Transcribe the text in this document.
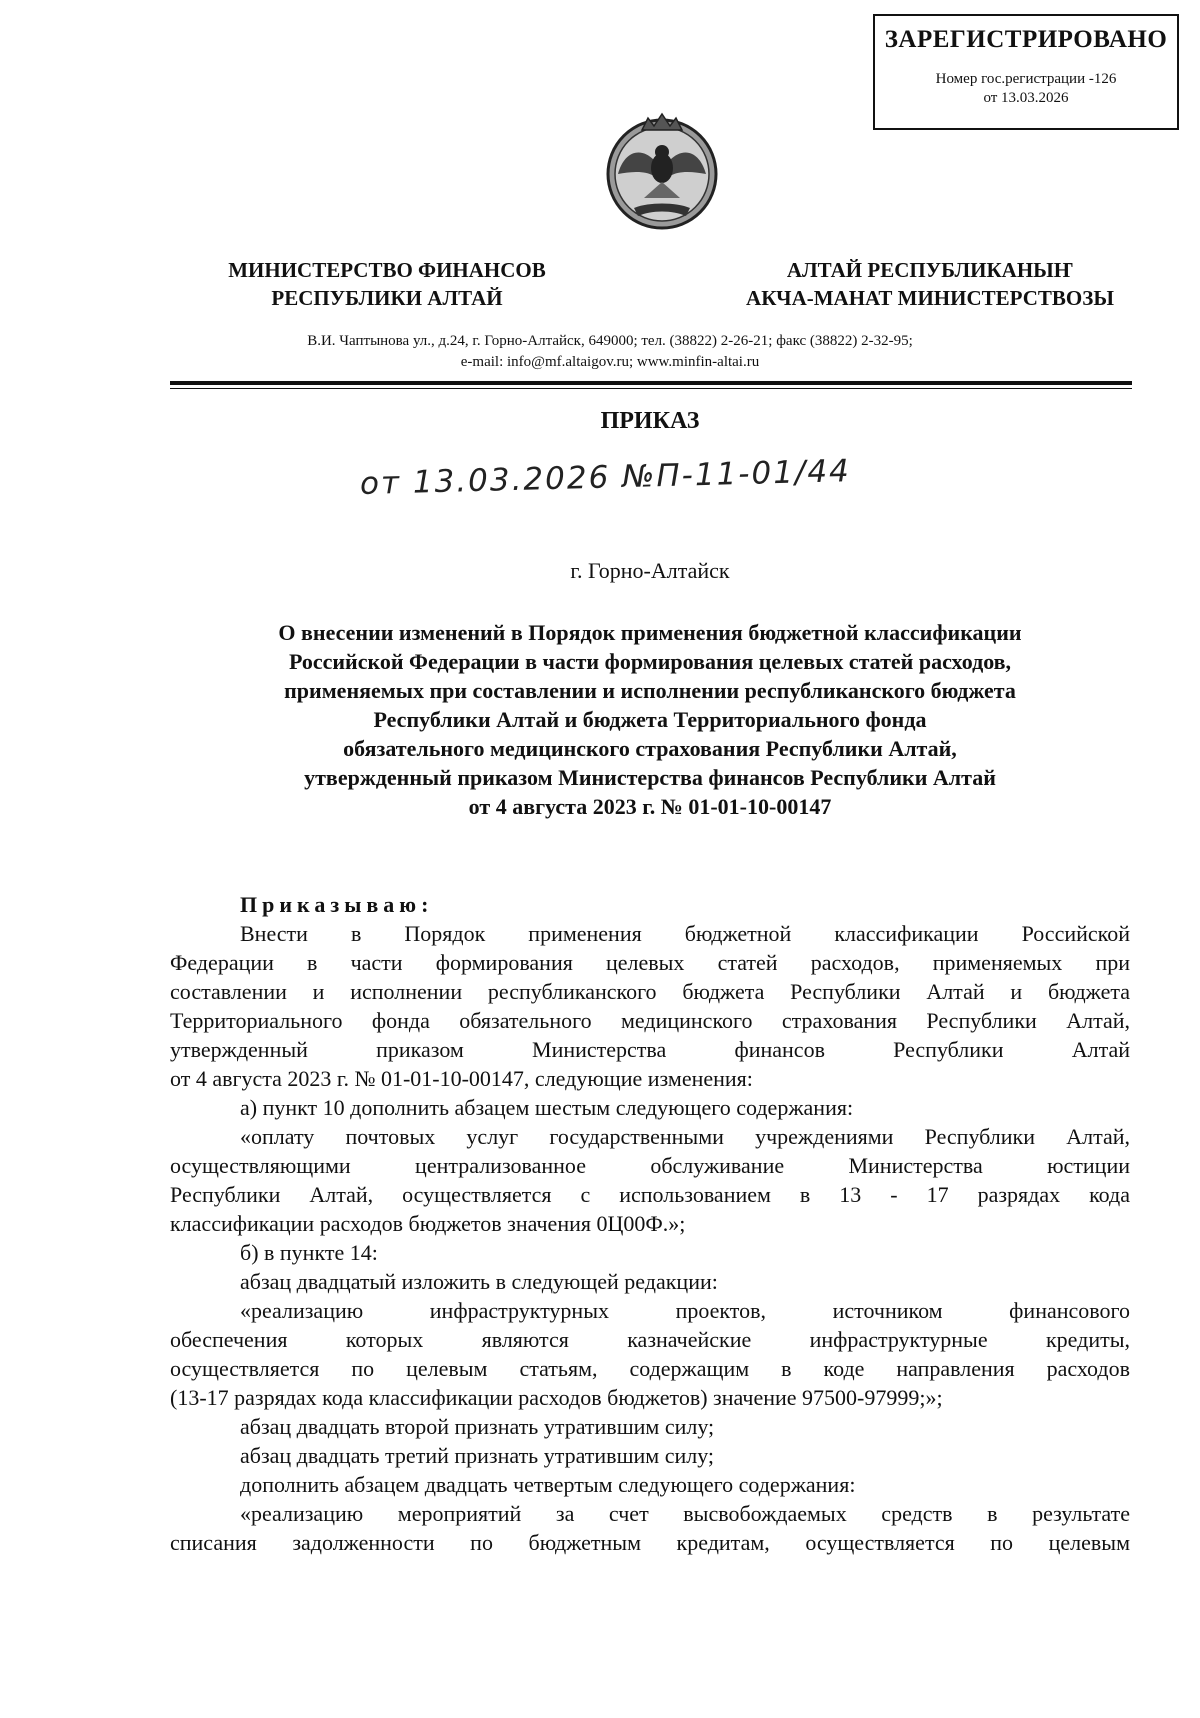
ЗАРЕГИСТРИРОВАНО
Номер гос.регистрации -126
от 13.03.2026
МИНИСТЕРСТВО ФИНАНСОВ
РЕСПУБЛИКИ АЛТАЙ
АЛТАЙ РЕСПУБЛИКАНЫҤ
АКЧА-МАНАТ МИНИСТЕРСТВОЗЫ
В.И. Чаптынова ул., д.24, г. Горно-Алтайск, 649000; тел. (38822) 2-26-21; факс (38822) 2-32-95;
e-mail: info@mf.altaigov.ru; www.minfin-altai.ru
ПРИКАЗ
от 13.03.2026 №П-11-01/44
г. Горно-Алтайск
О внесении изменений в Порядок применения бюджетной классификации
Российской Федерации в части формирования целевых статей расходов,
применяемых при составлении и исполнении республиканского бюджета
Республики Алтай и бюджета Территориального фонда
обязательного медицинского страхования Республики Алтай,
утвержденный приказом Министерства финансов Республики Алтай
от 4 августа 2023 г. № 01-01-10-00147
Приказываю:
Внести в Порядок применения бюджетной классификации Российской
Федерации в части формирования целевых статей расходов, применяемых при
составлении и исполнении республиканского бюджета Республики Алтай и бюджета
Территориального фонда обязательного медицинского страхования Республики Алтай,
утвержденный приказом Министерства финансов Республики Алтай
от 4 августа 2023 г. № 01-01-10-00147, следующие изменения:
а) пункт 10 дополнить абзацем шестым следующего содержания:
«оплату почтовых услуг государственными учреждениями Республики Алтай,
осуществляющими централизованное обслуживание Министерства юстиции
Республики Алтай, осуществляется с использованием в 13 - 17 разрядах кода
классификации расходов бюджетов значения 0Ц00Ф.»;
б) в пункте 14:
абзац двадцатый изложить в следующей редакции:
«реализацию инфраструктурных проектов, источником финансового
обеспечения которых являются казначейские инфраструктурные кредиты,
осуществляется по целевым статьям, содержащим в коде направления расходов
(13-17 разрядах кода классификации расходов бюджетов) значение 97500-97999;»;
абзац двадцать второй признать утратившим силу;
абзац двадцать третий признать утратившим силу;
дополнить абзацем двадцать четвертым следующего содержания:
«реализацию мероприятий за счет высвобождаемых средств в результате
списания задолженности по бюджетным кредитам, осуществляется по целевым
